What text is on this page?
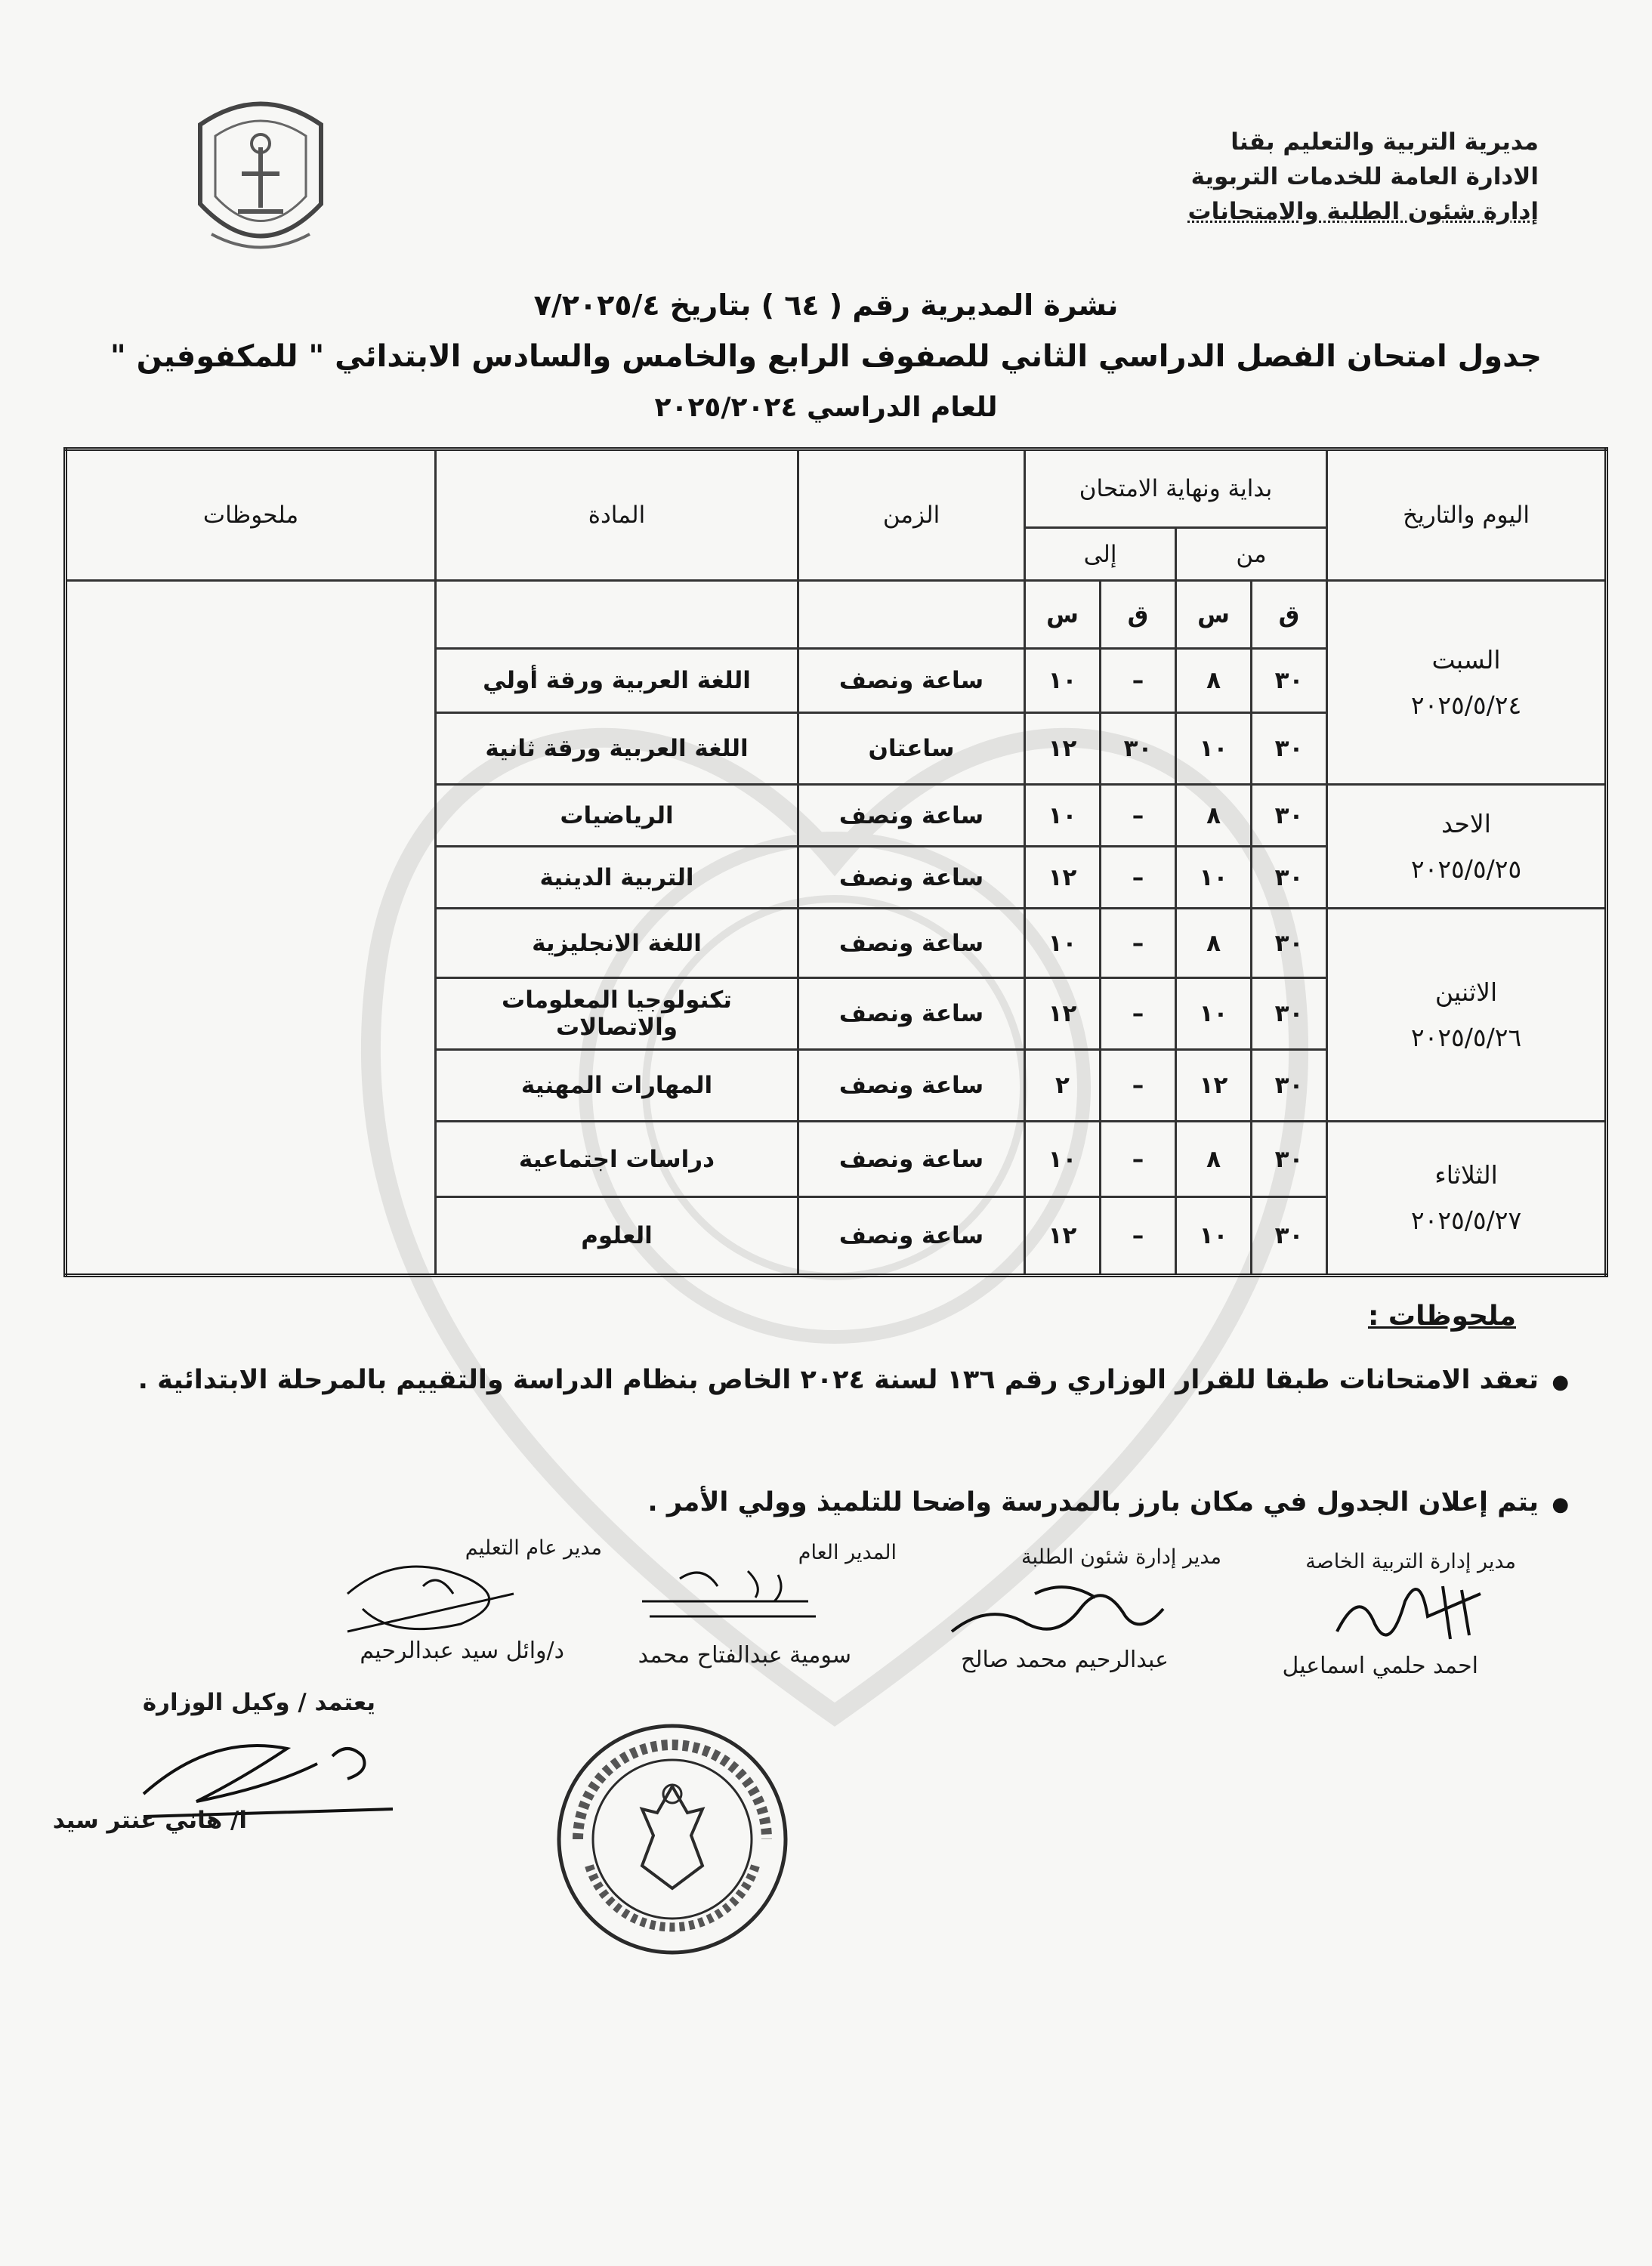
مديرية التربية والتعليم بقنا
الادارة العامة للخدمات التربوية
إدارة شئون الطلبة والامتحانات
نشرة المديرية رقم ( ٦٤ ) بتاريخ ٧/٢٠٢٥/٤
جدول امتحان الفصل الدراسي الثاني للصفوف الرابع والخامس والسادس الابتدائي " للمكفوفين "
للعام الدراسي ٢٠٢٥/٢٠٢٤
اليوم والتاريخ	بداية ونهاية الامتحان				الزمن	المادة	ملحوظات
	من		إلى				

السبت
٢٠٢٥/٥/٢٤	ق	س	ق	س			
	٣٠	٨	–	١٠	ساعة ونصف	اللغة العربية ورقة أولي	
	٣٠	١٠	٣٠	١٢	ساعتان	اللغة العربية ورقة ثانية	

الاحد
٢٠٢٥/٥/٢٥	٣٠	٨	–	١٠	ساعة ونصف	الرياضيات	
	٣٠	١٠	–	١٢	ساعة ونصف	التربية الدينية	

الاثنين
٢٠٢٥/٥/٢٦	٣٠	٨	–	١٠	ساعة ونصف	اللغة الانجليزية	
	٣٠	١٠	–	١٢	ساعة ونصف	تكنولوجيا المعلومات والاتصالات	
	٣٠	١٢	–	٢	ساعة ونصف	المهارات المهنية	

الثلاثاء
٢٠٢٥/٥/٢٧	٣٠	٨	–	١٠	ساعة ونصف	دراسات اجتماعية	
	٣٠	١٠	–	١٢	ساعة ونصف	العلوم	
ملحوظات :
●تعقد الامتحانات طبقا للقرار الوزاري رقم ١٣٦ لسنة ٢٠٢٤ الخاص بنظام الدراسة والتقييم بالمرحلة الابتدائية .
●يتم إعلان الجدول في مكان بارز بالمدرسة واضحا للتلميذ وولي الأمر .
مدير إدارة التربية الخاصة
مدير إدارة شئون الطلبة
المدير العام
مدير عام التعليم
احمد حلمي اسماعيل
عبدالرحيم محمد صالح
سومية عبدالفتاح محمد
د/وائل سيد عبدالرحيم
يعتمد / وكيل الوزارة
ا/ هاني عنتر سيد
